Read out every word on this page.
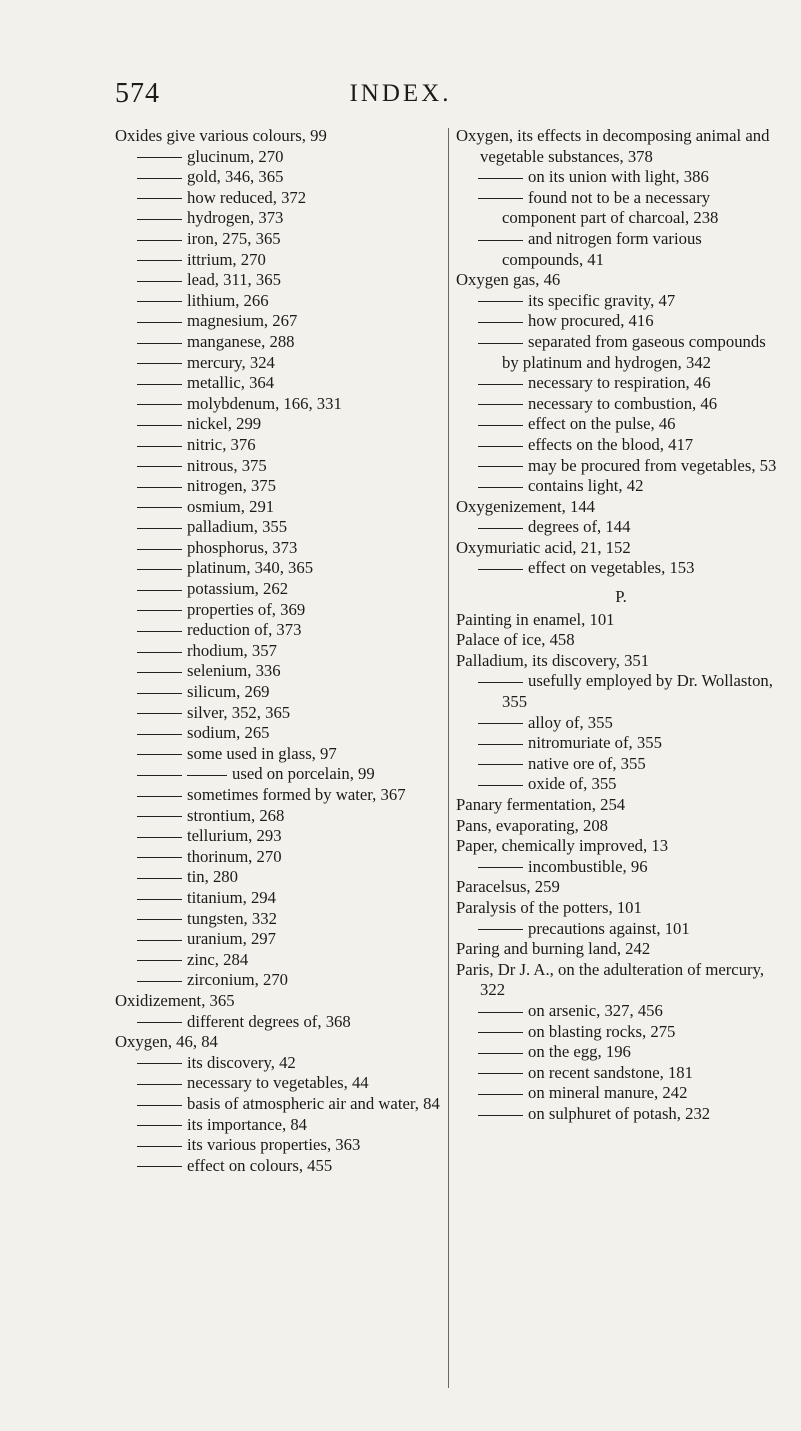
574	INDEX.

Oxides give various colours, 99

glucinum, 270

gold, 346, 365

how reduced, 372

hydrogen, 373

iron, 275, 365

ittrium, 270

lead, 311, 365

lithium, 266

magnesium, 267

manganese, 288

mercury, 324

metallic, 364

molybdenum, 166, 331

nickel, 299

nitric, 376

nitrous, 375

nitrogen, 375

osmium, 291

palladium, 355

phosphorus, 373

platinum, 340, 365

potassium, 262

properties of, 369

reduction of, 373

rhodium, 357

selenium, 336

silicum, 269

silver, 352, 365

sodium, 265

some used in glass, 97

used on porcelain, 99

sometimes formed by water, 367

strontium, 268

tellurium, 293

thorinum, 270

tin, 280

titanium, 294

tungsten, 332

uranium, 297

zinc, 284

zirconium, 270

Oxidizement, 365

different degrees of, 368

Oxygen, 46, 84

its discovery, 42

necessary to vegetables, 44

basis of atmospheric air and water, 84

its importance, 84

its various properties, 363

effect on colours, 455

Oxygen, its effects in decomposing animal and vegetable substances, 378

on its union with light, 386

found not to be a necessary component part of charcoal, 238

and nitrogen form various compounds, 41

Oxygen gas, 46

its specific gravity, 47

how procured, 416

separated from gaseous compounds by platinum and hydrogen, 342

necessary to respiration, 46

necessary to combustion, 46

effect on the pulse, 46

effects on the blood, 417

may be procured from vegetables, 53

contains light, 42

Oxygenizement, 144

degrees of, 144

Oxymuriatic acid, 21, 152

effect on vegetables, 153

P.

Painting in enamel, 101

Palace of ice, 458

Palladium, its discovery, 351

usefully employed by Dr. Wollaston, 355

alloy of, 355

nitromuriate of, 355

native ore of, 355

oxide of, 355

Panary fermentation, 254

Pans, evaporating, 208

Paper, chemically improved, 13

incombustible, 96

Paracelsus, 259

Paralysis of the potters, 101

precautions against, 101

Paring and burning land, 242

Paris, Dr J. A., on the adulteration of mercury, 322

on arsenic, 327, 456

on blasting rocks, 275

on the egg, 196

on recent sandstone, 181

on mineral manure, 242

on sulphuret of potash, 232
